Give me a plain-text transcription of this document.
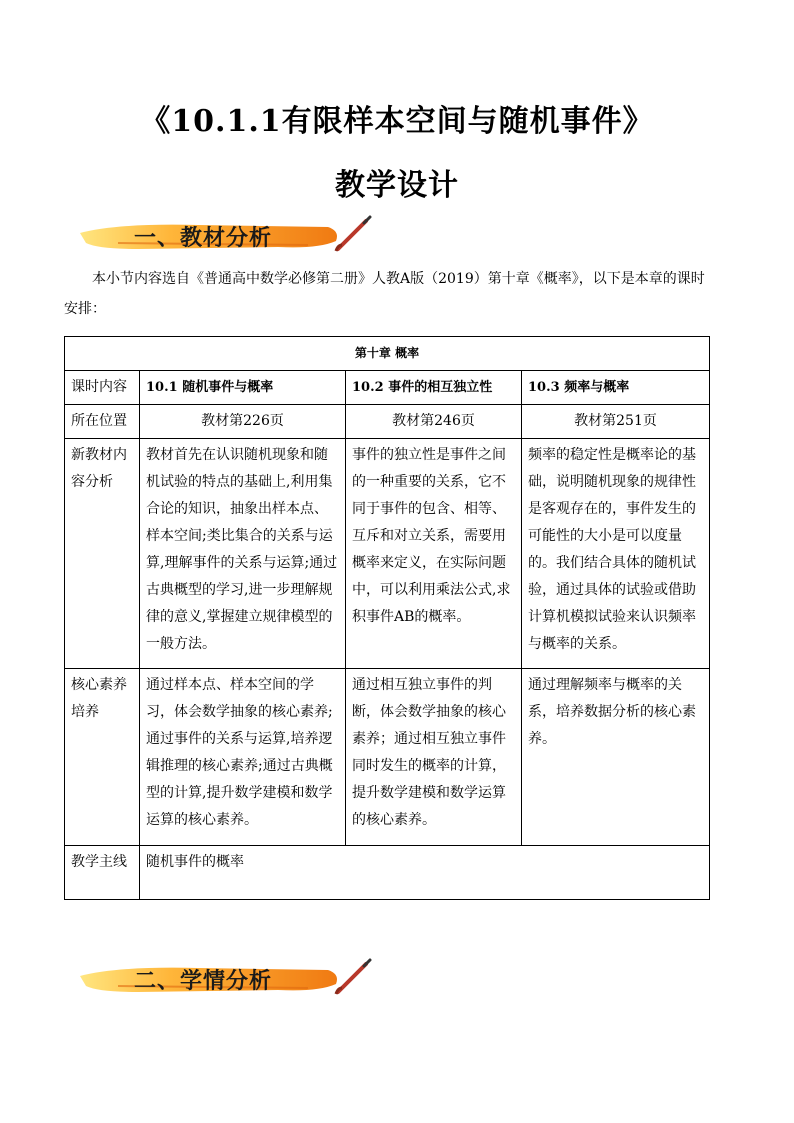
《10.1.1有限样本空间与随机事件》
教学设计
一、教材分析
本小节内容选自《普通高中数学必修第二册》人教A版（2019）第十章《概率》，以下是本章的课时安排：
第十章 概率			
课时内容	10.1 随机事件与概率	10.2 事件的相互独立性	10.3 频率与概率
所在位置	教材第226页	教材第246页	教材第251页
新教材内容分析	教材首先在认识随机现象和随机试验的特点的基础上,利用集合论的知识，抽象出样本点、样本空间;类比集合的关系与运算,理解事件的关系与运算;通过古典概型的学习,进一步理解规律的意义,掌握建立规律模型的一般方法。	事件的独立性是事件之间的一种重要的关系，它不同于事件的包含、相等、互斥和对立关系，需要用概率来定义，在实际问题中，可以利用乘法公式,求积事件AB的概率。	频率的稳定性是概率论的基础，说明随机现象的规律性是客观存在的，事件发生的可能性的大小是可以度量的。我们结合具体的随机试验，通过具体的试验或借助计算机模拟试验来认识频率与概率的关系。
核心素养培养	通过样本点、样本空间的学习，体会数学抽象的核心素养;通过事件的关系与运算,培养逻辑推理的核心素养;通过古典概型的计算,提升数学建模和数学运算的核心素养。	通过相互独立事件的判断，体会数学抽象的核心素养；通过相互独立事件同时发生的概率的计算，提升数学建模和数学运算的核心素养。	通过理解频率与概率的关系，培养数据分析的核心素养。
教学主线	随机事件的概率		
二、学情分析
